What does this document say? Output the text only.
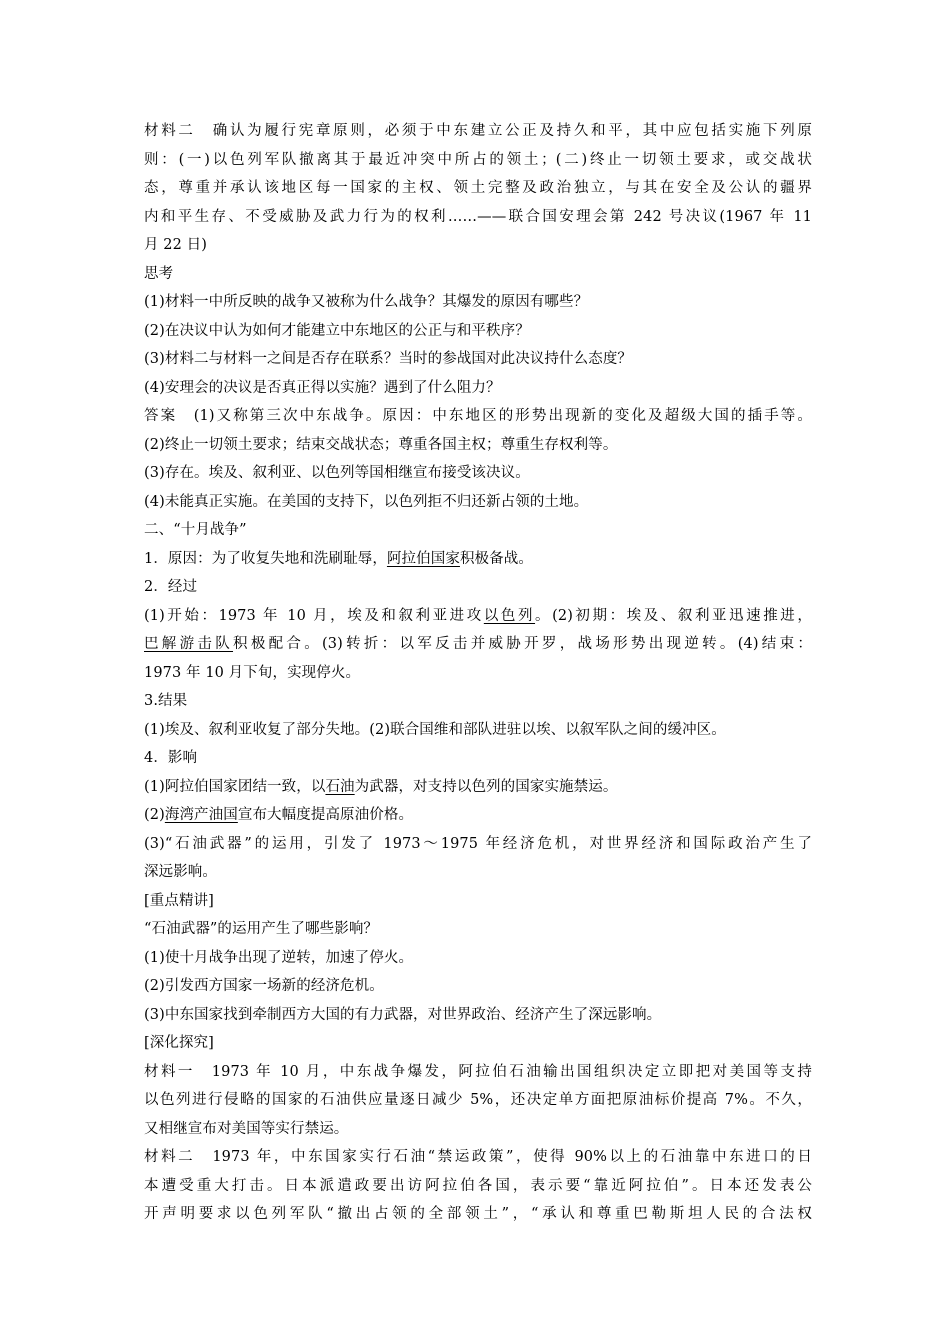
材料二　确认为履行宪章原则，必须于中东建立公正及持久和平，其中应包括实施下列原
则：(一)以色列军队撤离其于最近冲突中所占的领土；(二)终止一切领土要求，或交战状
态，尊重并承认该地区每一国家的主权、领土完整及政治独立，与其在安全及公认的疆界
内和平生存、不受威胁及武力行为的权利……——联合国安理会第 242 号决议(1967 年 11
月 22 日)
思考
(1)材料一中所反映的战争又被称为什么战争？其爆发的原因有哪些？
(2)在决议中认为如何才能建立中东地区的公正与和平秩序？
(3)材料二与材料一之间是否存在联系？当时的参战国对此决议持什么态度？
(4)安理会的决议是否真正得以实施？遇到了什么阻力？
答案　(1)又称第三次中东战争。原因：中东地区的形势出现新的变化及超级大国的插手等。
(2)终止一切领土要求；结束交战状态；尊重各国主权；尊重生存权利等。
(3)存在。埃及、叙利亚、以色列等国相继宣布接受该决议。
(4)未能真正实施。在美国的支持下，以色列拒不归还新占领的土地。
二、“十月战争”
1．原因：为了收复失地和洗刷耻辱，阿拉伯国家积极备战。
2．经过
(1)开始：1973 年 10 月，埃及和叙利亚进攻以色列。(2)初期：埃及、叙利亚迅速推进，
巴解游击队积极配合。(3)转折：以军反击并威胁开罗，战场形势出现逆转。(4)结束：
1973 年 10 月下旬，实现停火。
3.结果
(1)埃及、叙利亚收复了部分失地。(2)联合国维和部队进驻以埃、以叙军队之间的缓冲区。
4．影响
(1)阿拉伯国家团结一致，以石油为武器，对支持以色列的国家实施禁运。
(2)海湾产油国宣布大幅度提高原油价格。
(3)“石油武器”的运用，引发了 1973～1975 年经济危机，对世界经济和国际政治产生了
深远影响。
[重点精讲]
“石油武器”的运用产生了哪些影响？
(1)使十月战争出现了逆转，加速了停火。
(2)引发西方国家一场新的经济危机。
(3)中东国家找到牵制西方大国的有力武器，对世界政治、经济产生了深远影响。
[深化探究]
材料一　1973 年 10 月，中东战争爆发，阿拉伯石油输出国组织决定立即把对美国等支持
以色列进行侵略的国家的石油供应量逐日减少 5%，还决定单方面把原油标价提高 7%。不久，
又相继宣布对美国等实行禁运。
材料二　1973 年，中东国家实行石油“禁运政策”，使得 90%以上的石油靠中东进口的日
本遭受重大打击。日本派遣政要出访阿拉伯各国，表示要“靠近阿拉伯”。日本还发表公
开声明要求以色列军队“撤出占领的全部领土”，“承认和尊重巴勒斯坦人民的合法权
